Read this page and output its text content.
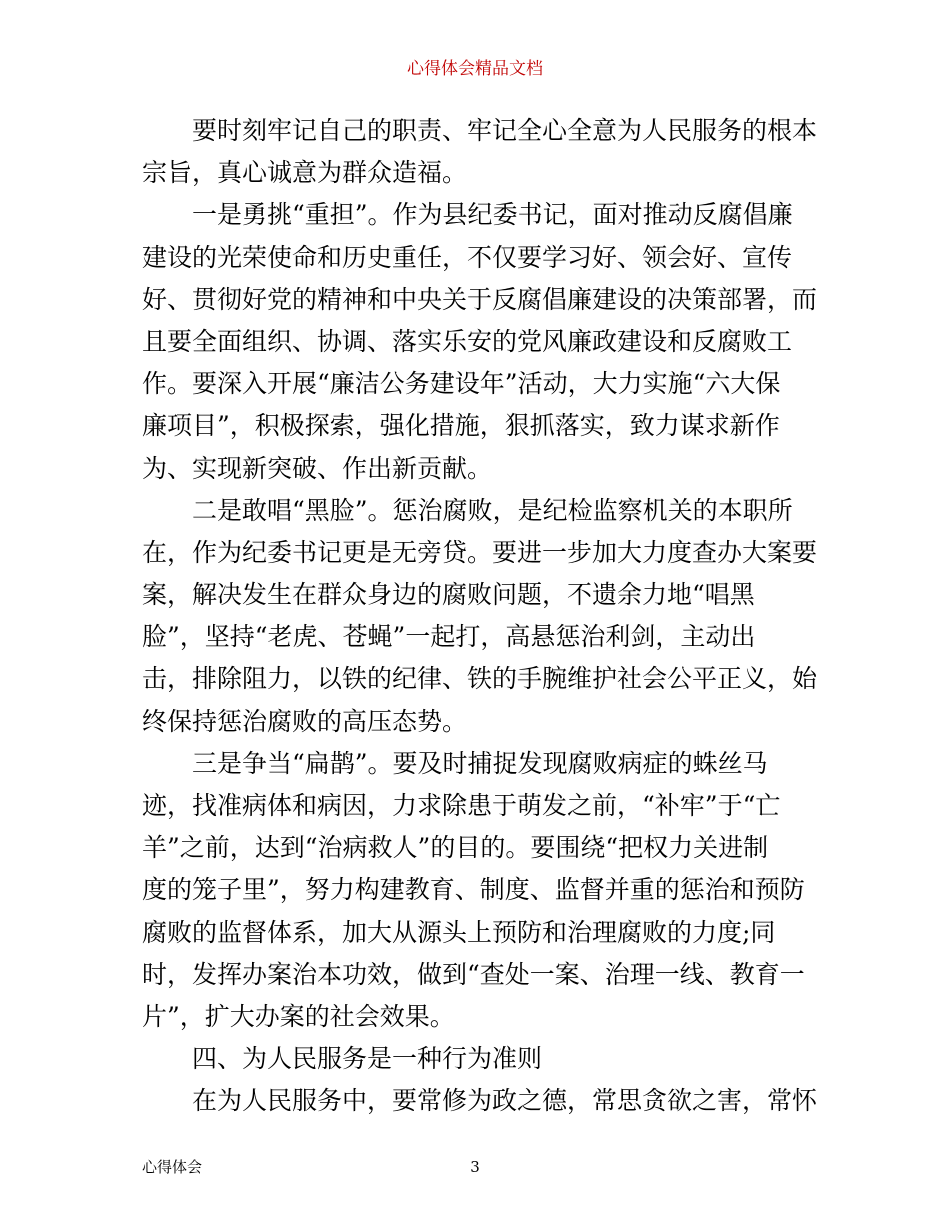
心得体会精品文档
要时刻牢记自己的职责、牢记全心全意为人民服务的根本
宗旨，真心诚意为群众造福。
一是勇挑“重担”。作为县纪委书记，面对推动反腐倡廉
建设的光荣使命和历史重任，不仅要学习好、领会好、宣传
好、贯彻好党的精神和中央关于反腐倡廉建设的决策部署，而
且要全面组织、协调、落实乐安的党风廉政建设和反腐败工
作。要深入开展“廉洁公务建设年”活动，大力实施“六大保
廉项目”，积极探索，强化措施，狠抓落实，致力谋求新作
为、实现新突破、作出新贡献。
二是敢唱“黑脸”。惩治腐败，是纪检监察机关的本职所
在，作为纪委书记更是无旁贷。要进一步加大力度查办大案要
案，解决发生在群众身边的腐败问题，不遗余力地“唱黑
脸”，坚持“老虎、苍蝇”一起打，高悬惩治利剑，主动出
击，排除阻力，以铁的纪律、铁的手腕维护社会公平正义，始
终保持惩治腐败的高压态势。
三是争当“扁鹊”。要及时捕捉发现腐败病症的蛛丝马
迹，找准病体和病因，力求除患于萌发之前，“补牢”于“亡
羊”之前，达到“治病救人”的目的。要围绕“把权力关进制
度的笼子里”，努力构建教育、制度、监督并重的惩治和预防
腐败的监督体系，加大从源头上预防和治理腐败的力度;同
时，发挥办案治本功效，做到“查处一案、治理一线、教育一
片”，扩大办案的社会效果。
四、为人民服务是一种行为准则
在为人民服务中，要常修为政之德，常思贪欲之害，常怀
心得体会	3
